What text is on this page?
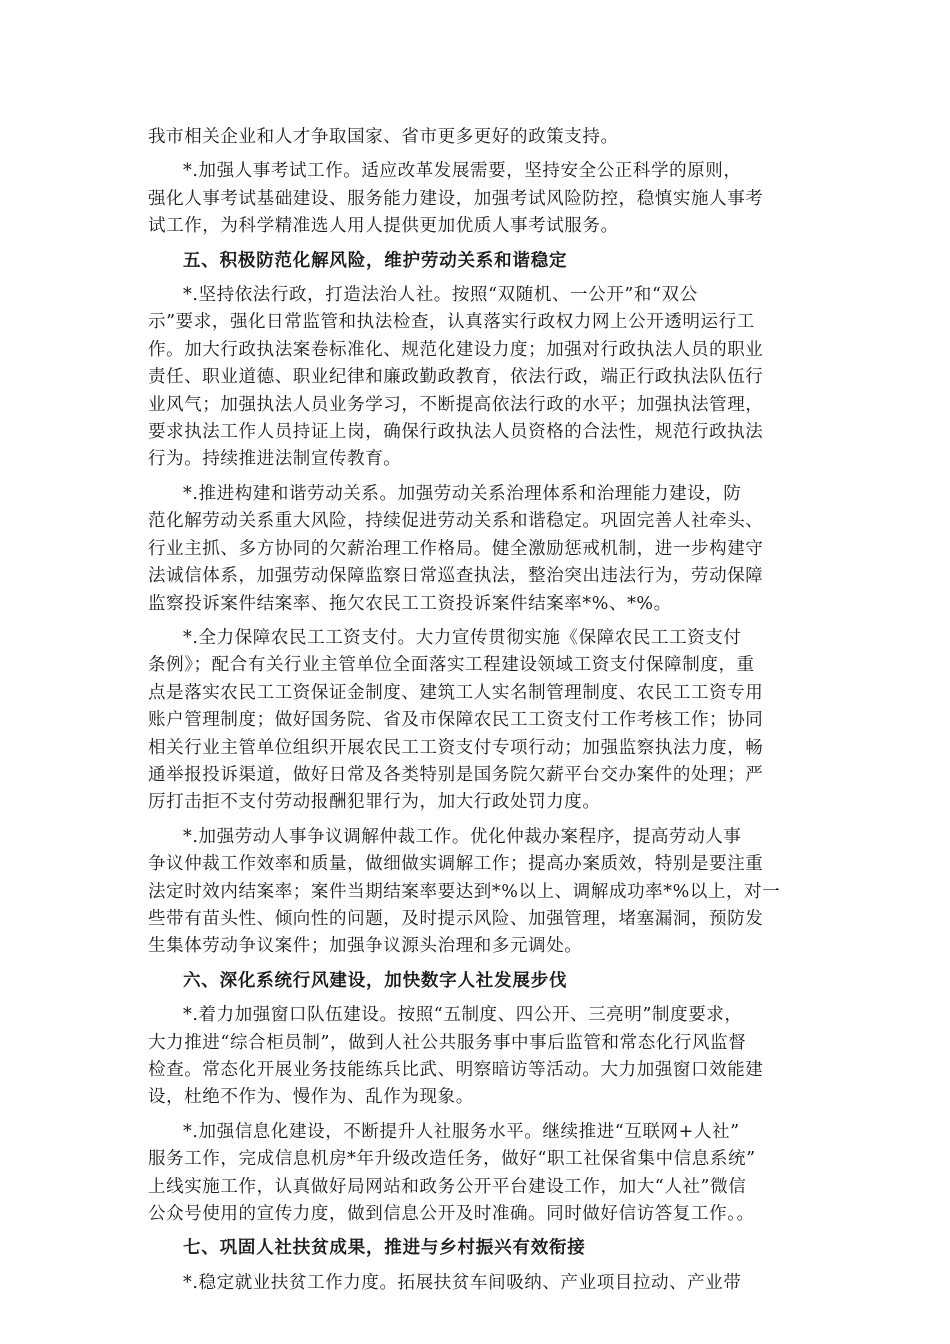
我市相关企业和人才争取国家、省市更多更好的政策支持。
*.加强人事考试工作。适应改革发展需要，坚持安全公正科学的原则，
强化人事考试基础建设、服务能力建设，加强考试风险防控，稳慎实施人事考
试工作，为科学精准选人用人提供更加优质人事考试服务。
五、积极防范化解风险，维护劳动关系和谐稳定
*.坚持依法行政，打造法治人社。按照“双随机、一公开”和“双公
示”要求，强化日常监管和执法检查，认真落实行政权力网上公开透明运行工
作。加大行政执法案卷标准化、规范化建设力度；加强对行政执法人员的职业
责任、职业道德、职业纪律和廉政勤政教育，依法行政，端正行政执法队伍行
业风气；加强执法人员业务学习，不断提高依法行政的水平；加强执法管理，
要求执法工作人员持证上岗，确保行政执法人员资格的合法性，规范行政执法
行为。持续推进法制宣传教育。
*.推进构建和谐劳动关系。加强劳动关系治理体系和治理能力建设，防
范化解劳动关系重大风险，持续促进劳动关系和谐稳定。巩固完善人社牵头、
行业主抓、多方协同的欠薪治理工作格局。健全激励惩戒机制，进一步构建守
法诚信体系，加强劳动保障监察日常巡查执法，整治突出违法行为，劳动保障
监察投诉案件结案率、拖欠农民工工资投诉案件结案率*%、*%。
*.全力保障农民工工资支付。大力宣传贯彻实施《保障农民工工资支付
条例》；配合有关行业主管单位全面落实工程建设领域工资支付保障制度，重
点是落实农民工工资保证金制度、建筑工人实名制管理制度、农民工工资专用
账户管理制度；做好国务院、省及市保障农民工工资支付工作考核工作；协同
相关行业主管单位组织开展农民工工资支付专项行动；加强监察执法力度，畅
通举报投诉渠道，做好日常及各类特别是国务院欠薪平台交办案件的处理；严
厉打击拒不支付劳动报酬犯罪行为，加大行政处罚力度。
*.加强劳动人事争议调解仲裁工作。优化仲裁办案程序，提高劳动人事
争议仲裁工作效率和质量，做细做实调解工作；提高办案质效，特别是要注重
法定时效内结案率；案件当期结案率要达到*%以上、调解成功率*%以上，对一
些带有苗头性、倾向性的问题，及时提示风险、加强管理，堵塞漏洞，预防发
生集体劳动争议案件；加强争议源头治理和多元调处。
六、深化系统行风建设，加快数字人社发展步伐
*.着力加强窗口队伍建设。按照“五制度、四公开、三亮明”制度要求，
大力推进“综合柜员制”，做到人社公共服务事中事后监管和常态化行风监督
检查。常态化开展业务技能练兵比武、明察暗访等活动。大力加强窗口效能建
设，杜绝不作为、慢作为、乱作为现象。
*.加强信息化建设，不断提升人社服务水平。继续推进“互联网+人社”
服务工作，完成信息机房*年升级改造任务，做好“职工社保省集中信息系统”
上线实施工作，认真做好局网站和政务公开平台建设工作，加大“人社”微信
公众号使用的宣传力度，做到信息公开及时准确。同时做好信访答复工作。。
七、巩固人社扶贫成果，推进与乡村振兴有效衔接
*.稳定就业扶贫工作力度。拓展扶贫车间吸纳、产业项目拉动、产业带
